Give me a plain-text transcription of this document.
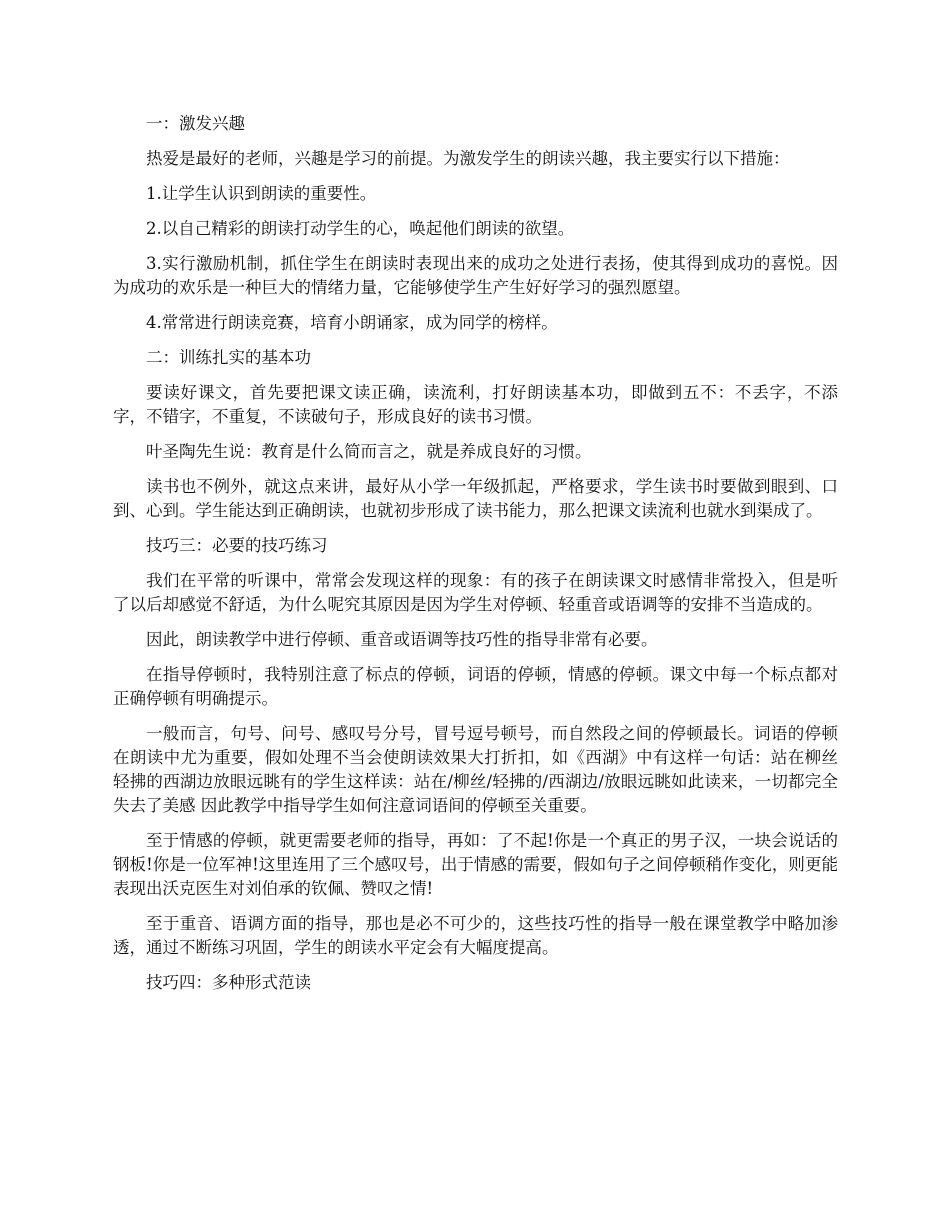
一：激发兴趣

热爱是最好的老师，兴趣是学习的前提。为激发学生的朗读兴趣，我主要实行以下措施：

1.让学生认识到朗读的重要性。

2.以自己精彩的朗读打动学生的心，唤起他们朗读的欲望。

3.实行激励机制，抓住学生在朗读时表现出来的成功之处进行表扬，使其得到成功的喜悦。因为成功的欢乐是一种巨大的情绪力量，它能够使学生产生好好学习的强烈愿望。

4.常常进行朗读竞赛，培育小朗诵家，成为同学的榜样。

二：训练扎实的基本功

要读好课文，首先要把课文读正确，读流利，打好朗读基本功，即做到五不：不丢字，不添字，不错字，不重复，不读破句子，形成良好的读书习惯。

叶圣陶先生说：教育是什么简而言之，就是养成良好的习惯。

读书也不例外，就这点来讲，最好从小学一年级抓起，严格要求，学生读书时要做到眼到、口到、心到。学生能达到正确朗读，也就初步形成了读书能力，那么把课文读流利也就水到渠成了。

技巧三：必要的技巧练习

我们在平常的听课中，常常会发现这样的现象：有的孩子在朗读课文时感情非常投入，但是听了以后却感觉不舒适，为什么呢究其原因是因为学生对停顿、轻重音或语调等的安排不当造成的。

因此，朗读教学中进行停顿、重音或语调等技巧性的指导非常有必要。

在指导停顿时，我特别注意了标点的停顿，词语的停顿，情感的停顿。课文中每一个标点都对正确停顿有明确提示。

一般而言，句号、问号、感叹号分号，冒号逗号顿号，而自然段之间的停顿最长。词语的停顿在朗读中尤为重要，假如处理不当会使朗读效果大打折扣，如《西湖》中有这样一句话：站在柳丝轻拂的西湖边放眼远眺有的学生这样读：站在/柳丝/轻拂的/西湖边/放眼远眺如此读来，一切都完全失去了美感 因此教学中指导学生如何注意词语间的停顿至关重要。

至于情感的停顿，就更需要老师的指导，再如：了不起!你是一个真正的男子汉，一块会说话的钢板!你是一位军神!这里连用了三个感叹号，出于情感的需要，假如句子之间停顿稍作变化，则更能表现出沃克医生对刘伯承的钦佩、赞叹之情!

至于重音、语调方面的指导，那也是必不可少的，这些技巧性的指导一般在课堂教学中略加渗透，通过不断练习巩固，学生的朗读水平定会有大幅度提高。

技巧四：多种形式范读
